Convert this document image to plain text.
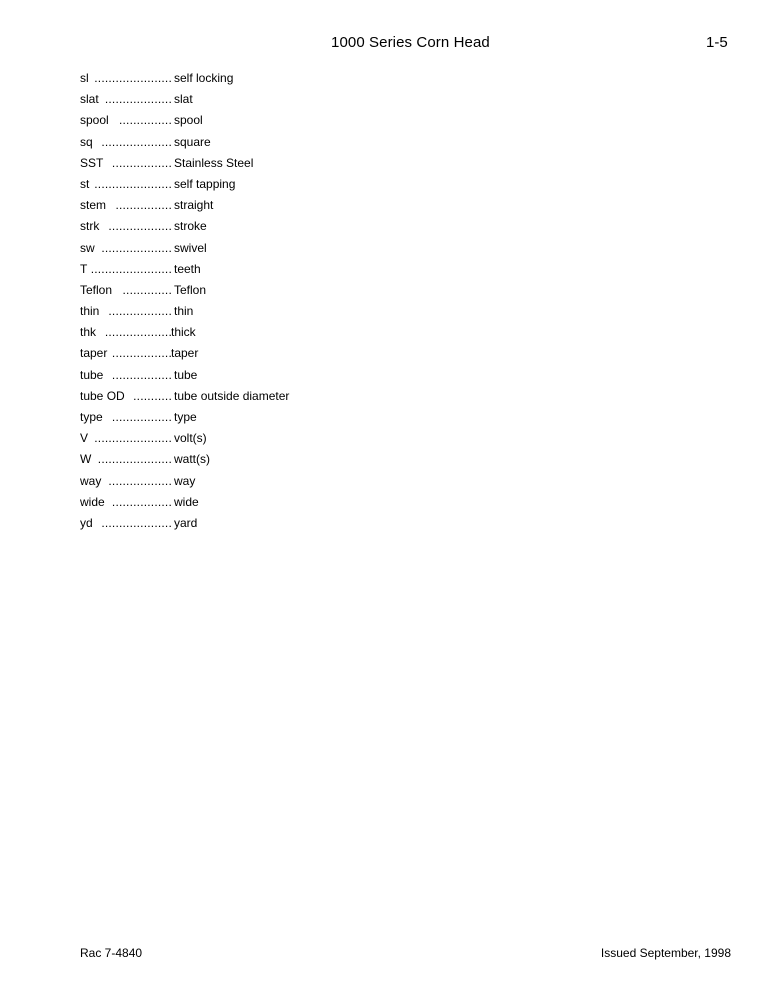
1000 Series Corn Head	1-5
sl ...................... self locking
slat ................... slat
spool ............... spool
sq .................... square
SST ................. Stainless Steel
st ...................... self tapping
stem ................ straight
strk .................. stroke
sw .................... swivel
T ....................... teeth
Teflon .............. Teflon
thin .................. thin
thk ................... thick
taper ................. taper
tube ................. tube
tube OD ........... tube outside diameter
type ................. type
V ...................... volt(s)
W ..................... watt(s)
way .................. way
wide ................. wide
yd .................... yard
Rac 7-4840	Issued September, 1998
